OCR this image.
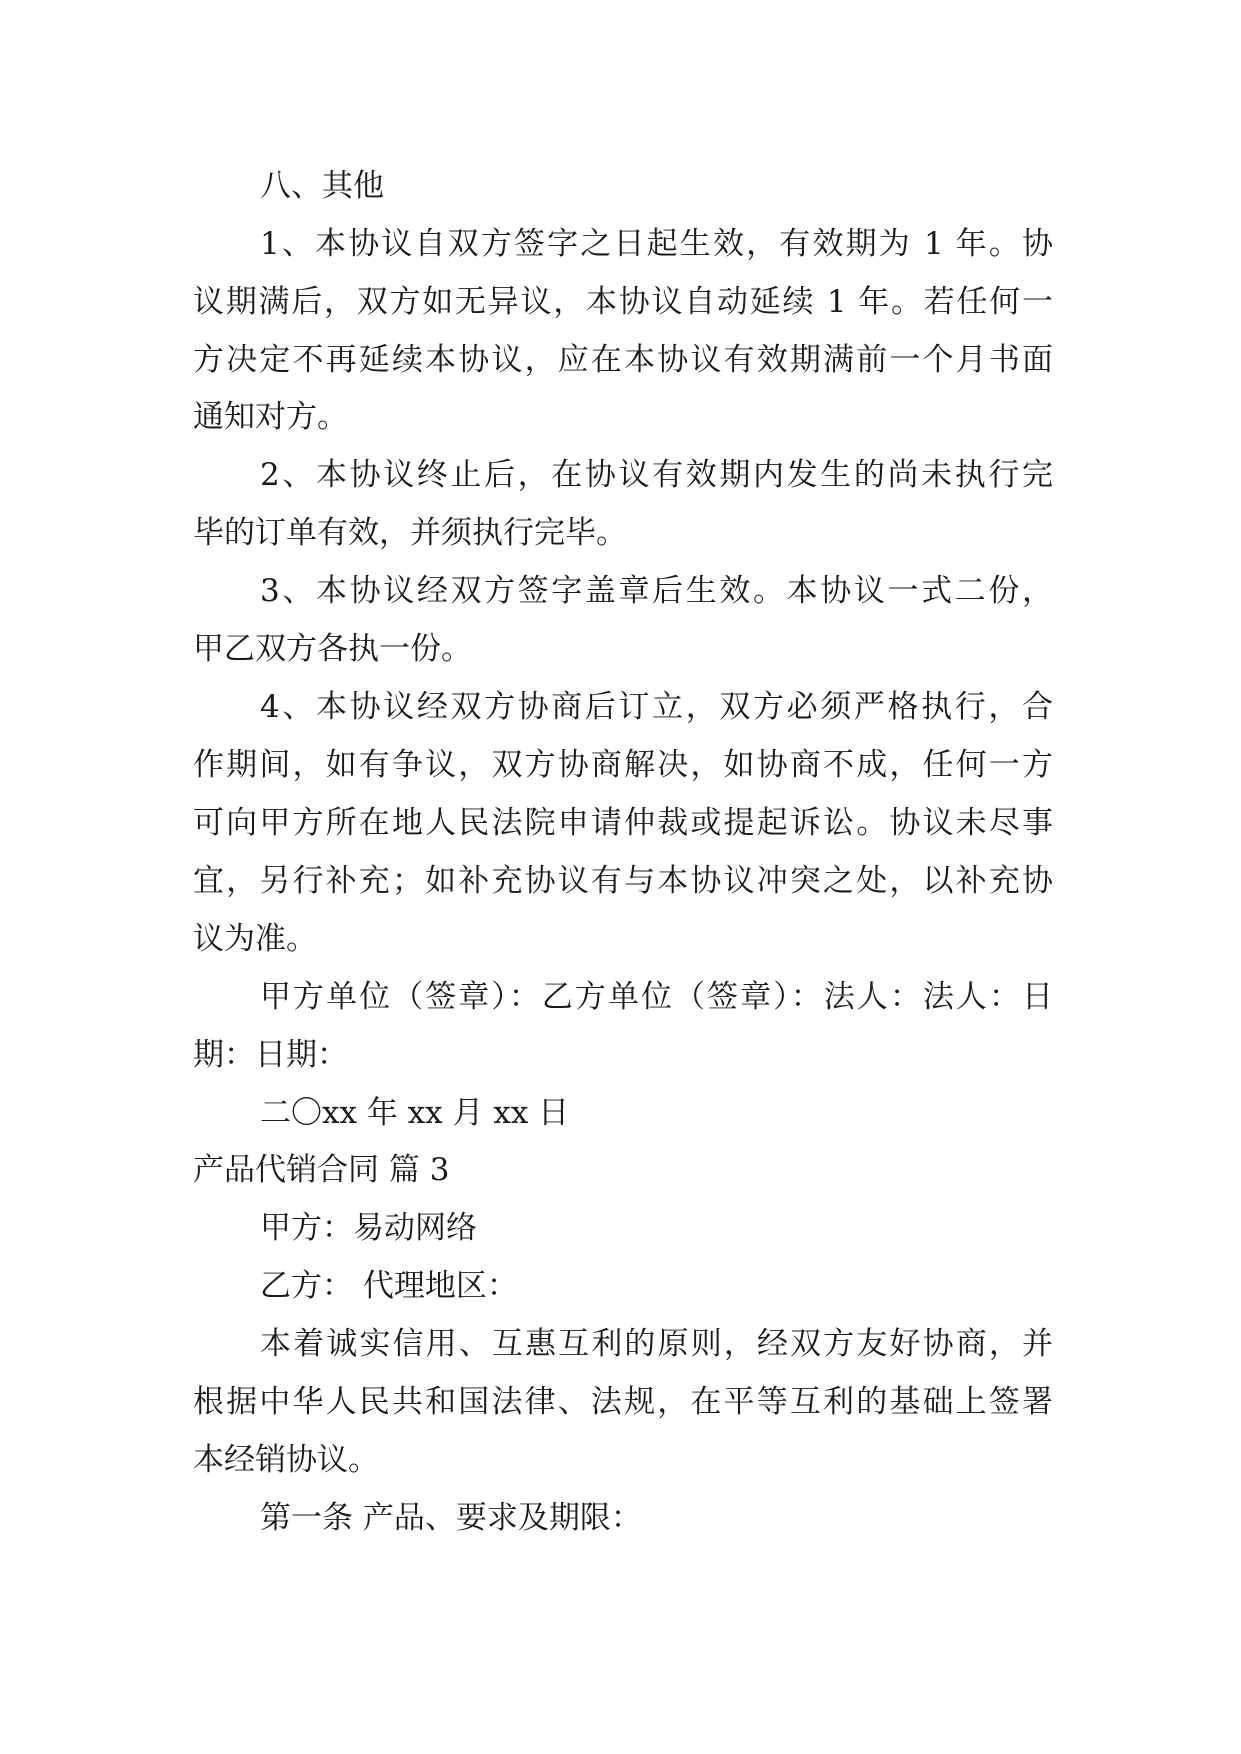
八、其他
1、本协议自双方签字之日起生效，有效期为 1 年。协
议期满后，双方如无异议，本协议自动延续 1 年。若任何一
方决定不再延续本协议，应在本协议有效期满前一个月书面
通知对方。
2、本协议终止后，在协议有效期内发生的尚未执行完
毕的订单有效，并须执行完毕。
3、本协议经双方签字盖章后生效。本协议一式二份，
甲乙双方各执一份。
4、本协议经双方协商后订立，双方必须严格执行，合
作期间，如有争议，双方协商解决，如协商不成，任何一方
可向甲方所在地人民法院申请仲裁或提起诉讼。协议未尽事
宜，另行补充；如补充协议有与本协议冲突之处，以补充协
议为准。
甲方单位（签章）：乙方单位（签章）：法人：法人：日
期：日期：
二〇xx 年 xx 月 xx 日
产品代销合同 篇 3
甲方：易动网络
乙方： 代理地区：
本着诚实信用、互惠互利的原则，经双方友好协商，并
根据中华人民共和国法律、法规，在平等互利的基础上签署
本经销协议。
第一条 产品、要求及期限：
